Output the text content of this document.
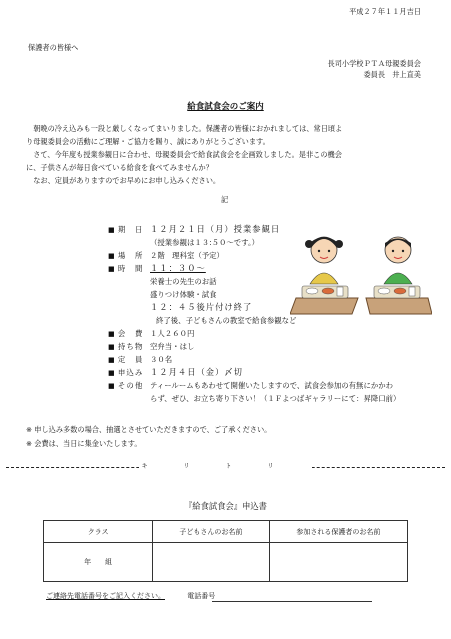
平成２７年１１月吉日
保護者の皆様へ
長司小学校ＰＴＡ母親委員会
委員長　井上直美
給食試食会のご案内

　朝晩の冷え込みも一段と厳しくなってまいりました。保護者の皆様におかれましては、常日頃よ

り母親委員会の活動にご理解・ご協力を賜り、誠にありがとうございます。

　さて、今年度も授業参観日に合わせ、母親委員会で給食試食会を企画致しました。是非この機会

に、子供さんが毎日食べている給食を食べてみませんか？

　なお、定員がありますのでお早めにお申し込みください。

記
■ 期　日 １２月２１日（月）授業参観日
（授業参観は１３:５０～です。）
■ 場　所 ２階　理科室（予定）
■ 時　間 １１：３０～
栄養士の先生のお話
盛りつけ体験・試食
１２：４５後片付け終了
終了後、子どもさんの教室で給食参観など
■ 会　費 １人２６０円
■ 持ち物 空弁当・はし
■ 定　員 ３０名
■ 申込み １２月４日（金）〆切
■ その他 ティールームもあわせて開催いたしますので、試食会参加の有無にかかわ
らず、ぜひ、お立ち寄り下さい！（１Ｆよつばギャラリーにて：昇降口前）
※ 申し込み多数の場合、抽選とさせていただきますので、ご了承ください。
※ 会費は、当日に集金いたします。
キリトリ
『給食試食会』申込書
クラス	子どもさんのお名前	参加される保護者のお名前
年　　組		
ご連絡先電話番号をご記入ください。	電話番号
